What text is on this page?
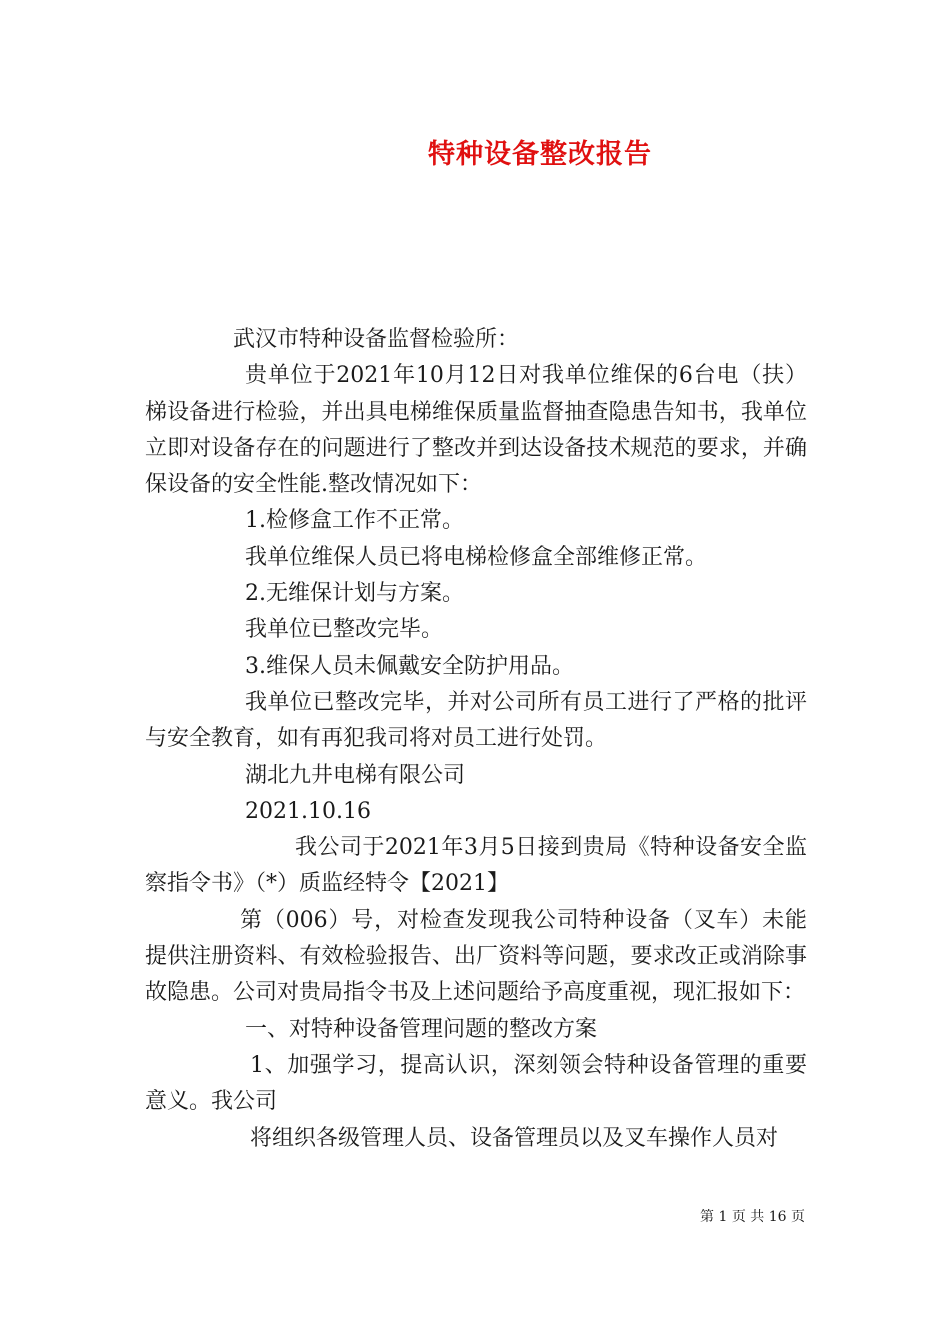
特种设备整改报告

武汉市特种设备监督检验所：

贵单位于2021年10月12日对我单位维保的6台电（扶）梯设备进行检验，并出具电梯维保质量监督抽查隐患告知书，我单位立即对设备存在的问题进行了整改并到达设备技术规范的要求，并确保设备的安全性能.整改情况如下：

1.检修盒工作不正常。

我单位维保人员已将电梯检修盒全部维修正常。

2.无维保计划与方案。

我单位已整改完毕。

3.维保人员未佩戴安全防护用品。

我单位已整改完毕，并对公司所有员工进行了严格的批评与安全教育，如有再犯我司将对员工进行处罚。

湖北九井电梯有限公司

2021.10.16

我公司于2021年3月5日接到贵局《特种设备安全监察指令书》（*）质监经特令【2021】

第（006）号，对检查发现我公司特种设备（叉车）未能提供注册资料、有效检验报告、出厂资料等问题，要求改正或消除事故隐患。公司对贵局指令书及上述问题给予高度重视，现汇报如下：

一、对特种设备管理问题的整改方案

1、加强学习，提高认识，深刻领会特种设备管理的重要意义。我公司

将组织各级管理人员、设备管理员以及叉车操作人员对

第 1 页 共 16 页
